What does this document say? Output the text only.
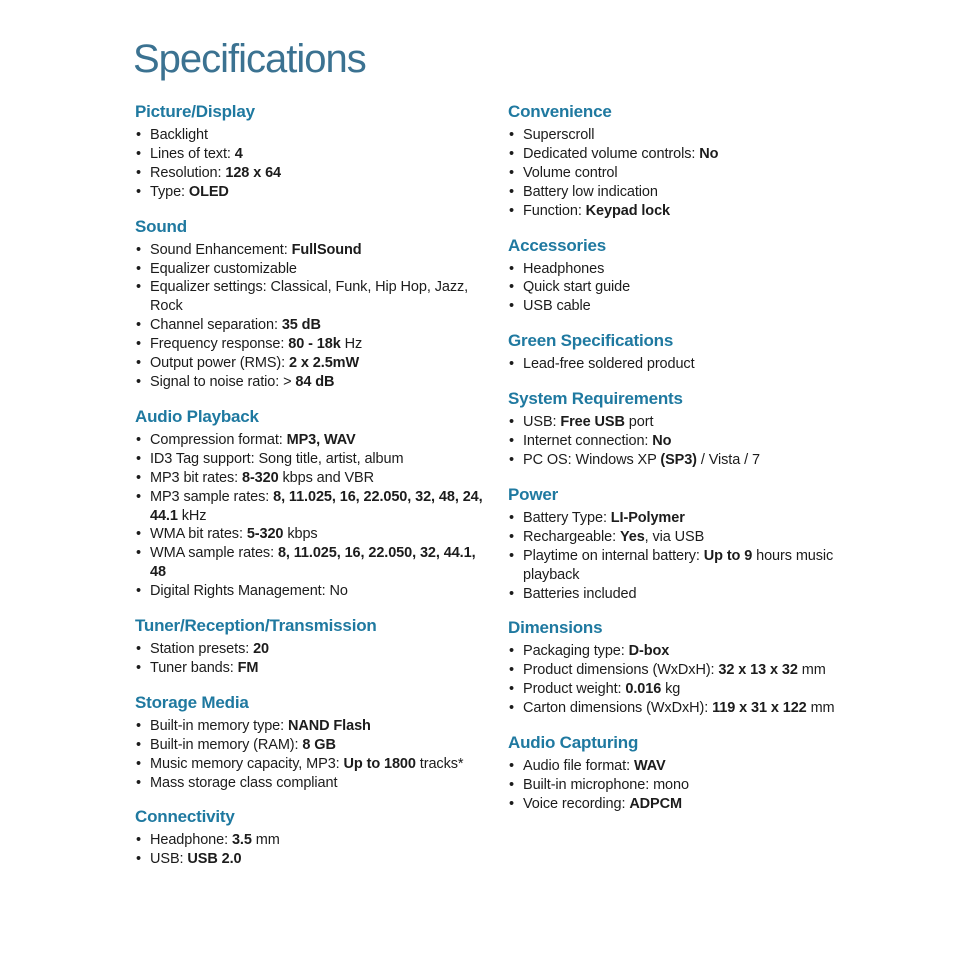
Specifications
Picture/Display
• Backlight
• Lines of text: 4
• Resolution: 128 x 64
• Type: OLED
Sound
• Sound Enhancement: FullSound
• Equalizer customizable
• Equalizer settings: Classical, Funk, Hip Hop, Jazz,
Rock
• Channel separation: 35 dB
• Frequency response: 80 - 18k Hz
• Output power (RMS): 2 x 2.5mW
• Signal to noise ratio: > 84 dB
Audio Playback
• Compression format: MP3, WAV
• ID3 Tag support: Song title, artist, album
• MP3 bit rates: 8-320 kbps and VBR
• MP3 sample rates: 8, 11.025, 16, 22.050, 32, 48, 24,
44.1 kHz
• WMA bit rates: 5-320 kbps
• WMA sample rates: 8, 11.025, 16, 22.050, 32, 44.1,
48
• Digital Rights Management: No
Tuner/Reception/Transmission
• Station presets: 20
• Tuner bands: FM
Storage Media
• Built-in memory type: NAND Flash
• Built-in memory (RAM): 8 GB
• Music memory capacity, MP3: Up to 1800 tracks*
• Mass storage class compliant
Connectivity
• Headphone: 3.5 mm
• USB: USB 2.0
Convenience
• Superscroll
• Dedicated volume controls: No
• Volume control
• Battery low indication
• Function: Keypad lock
Accessories
• Headphones
• Quick start guide
• USB cable
Green Specifications
• Lead-free soldered product
System Requirements
• USB: Free USB port
• Internet connection: No
• PC OS: Windows XP (SP3) / Vista / 7
Power
• Battery Type: LI-Polymer
• Rechargeable: Yes, via USB
• Playtime on internal battery: Up to 9 hours music
playback
• Batteries included
Dimensions
• Packaging type: D-box
• Product dimensions (WxDxH): 32 x 13 x 32 mm
• Product weight: 0.016 kg
• Carton dimensions (WxDxH): 119 x 31 x 122 mm
Audio Capturing
• Audio file format: WAV
• Built-in microphone: mono
• Voice recording: ADPCM
